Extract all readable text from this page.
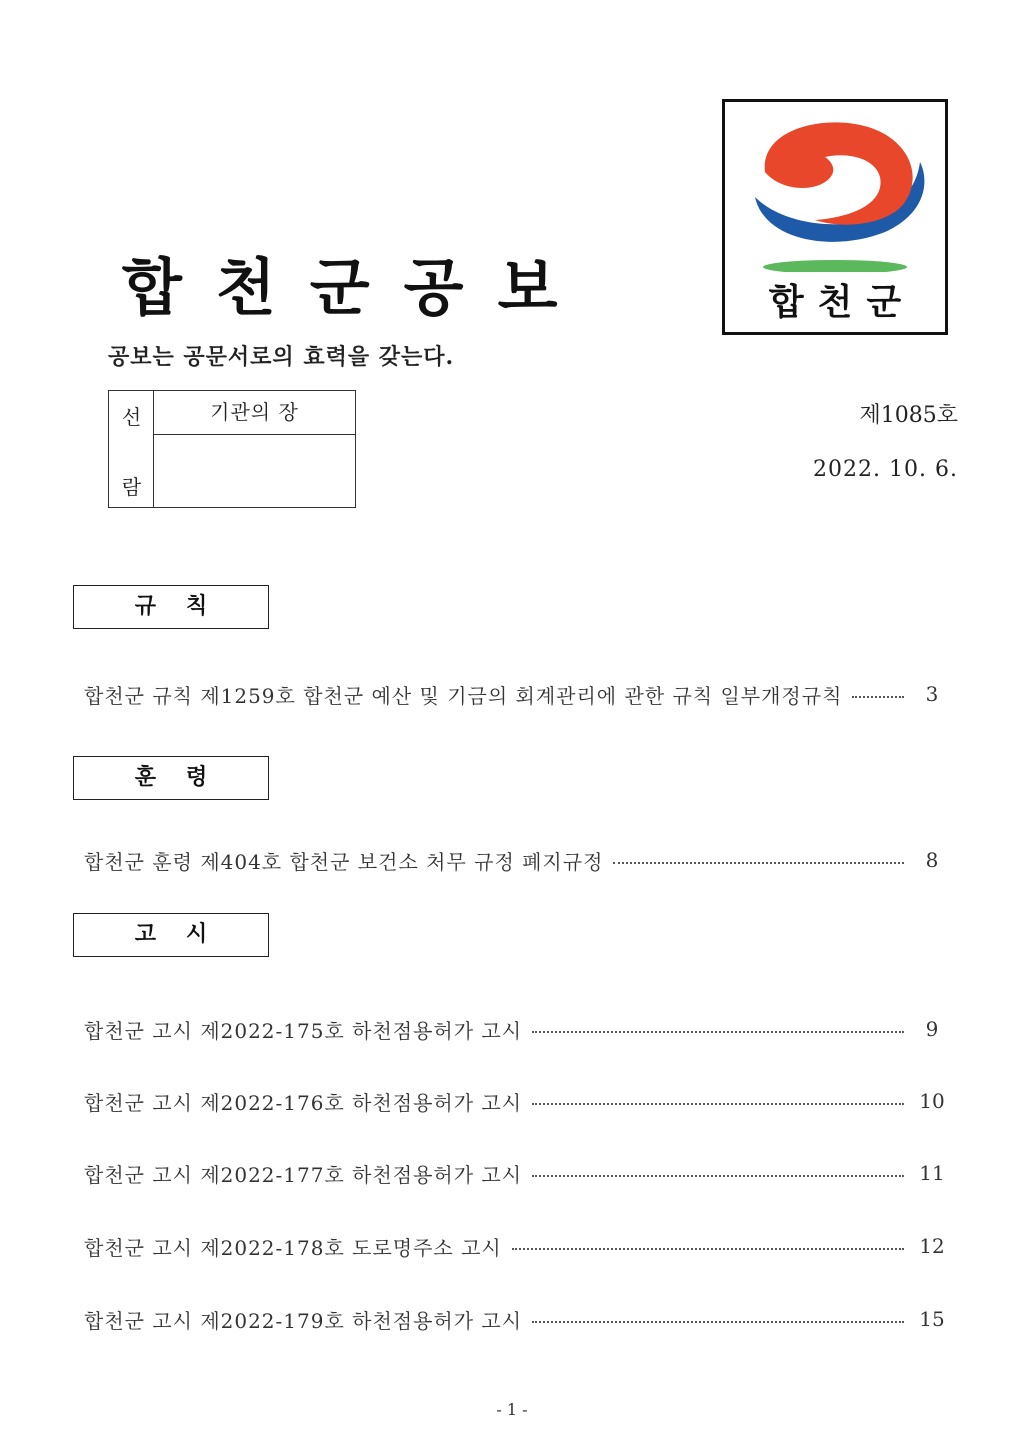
합천군공보
공보는 공문서로의 효력을 갖는다.
합천군
선
람
기관의 장	제1085호
2022. 10. 6.
규칙
합천군 규칙 제1259호 합천군 예산 및 기금의 회계관리에 관한 규칙 일부개정규칙	3
훈령
합천군 훈령 제404호 합천군 보건소 처무 규정 폐지규정	8
고시
합천군 고시 제2022-175호 하천점용허가 고시	9
합천군 고시 제2022-176호 하천점용허가 고시	10
합천군 고시 제2022-177호 하천점용허가 고시	11
합천군 고시 제2022-178호 도로명주소 고시	12
합천군 고시 제2022-179호 하천점용허가 고시	15
- 1 -
